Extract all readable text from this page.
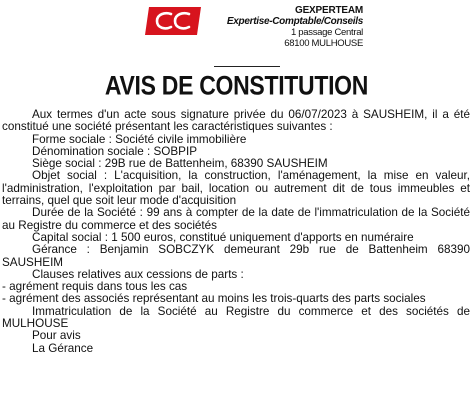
GEXPERTEAM
Expertise-Comptable/Conseils
1 passage Central
68100 MULHOUSE
AVIS DE CONSTITUTION

Aux termes d'un acte sous signature privée du 06/07/2023 à SAUSHEIM, il a été constitué une société présentant les caractéristiques suivantes :

Forme sociale : Société civile immobilière

Dénomination sociale : SOBPIP

Siège social : 29B rue de Battenheim, 68390 SAUSHEIM

Objet social : L'acquisition, la construction, l'aménagement, la mise en valeur, l'administration, l'exploitation par bail, location ou autrement dit de tous immeubles et terrains, quel que soit leur mode d'acquisition

Durée de la Société : 99 ans à compter de la date de l'immatriculation de la Société au Registre du commerce et des sociétés

Capital social : 1 500 euros, constitué uniquement d'apports en numéraire

Gérance : Benjamin SOBCZYK demeurant 29b rue de Battenheim 68390 SAUSHEIM

Clauses relatives aux cessions de parts :

- agrément requis dans tous les cas

- agrément des associés représentant au moins les trois-quarts des parts sociales

Immatriculation de la Société au Registre du commerce et des sociétés de MULHOUSE

Pour avis

La Gérance
